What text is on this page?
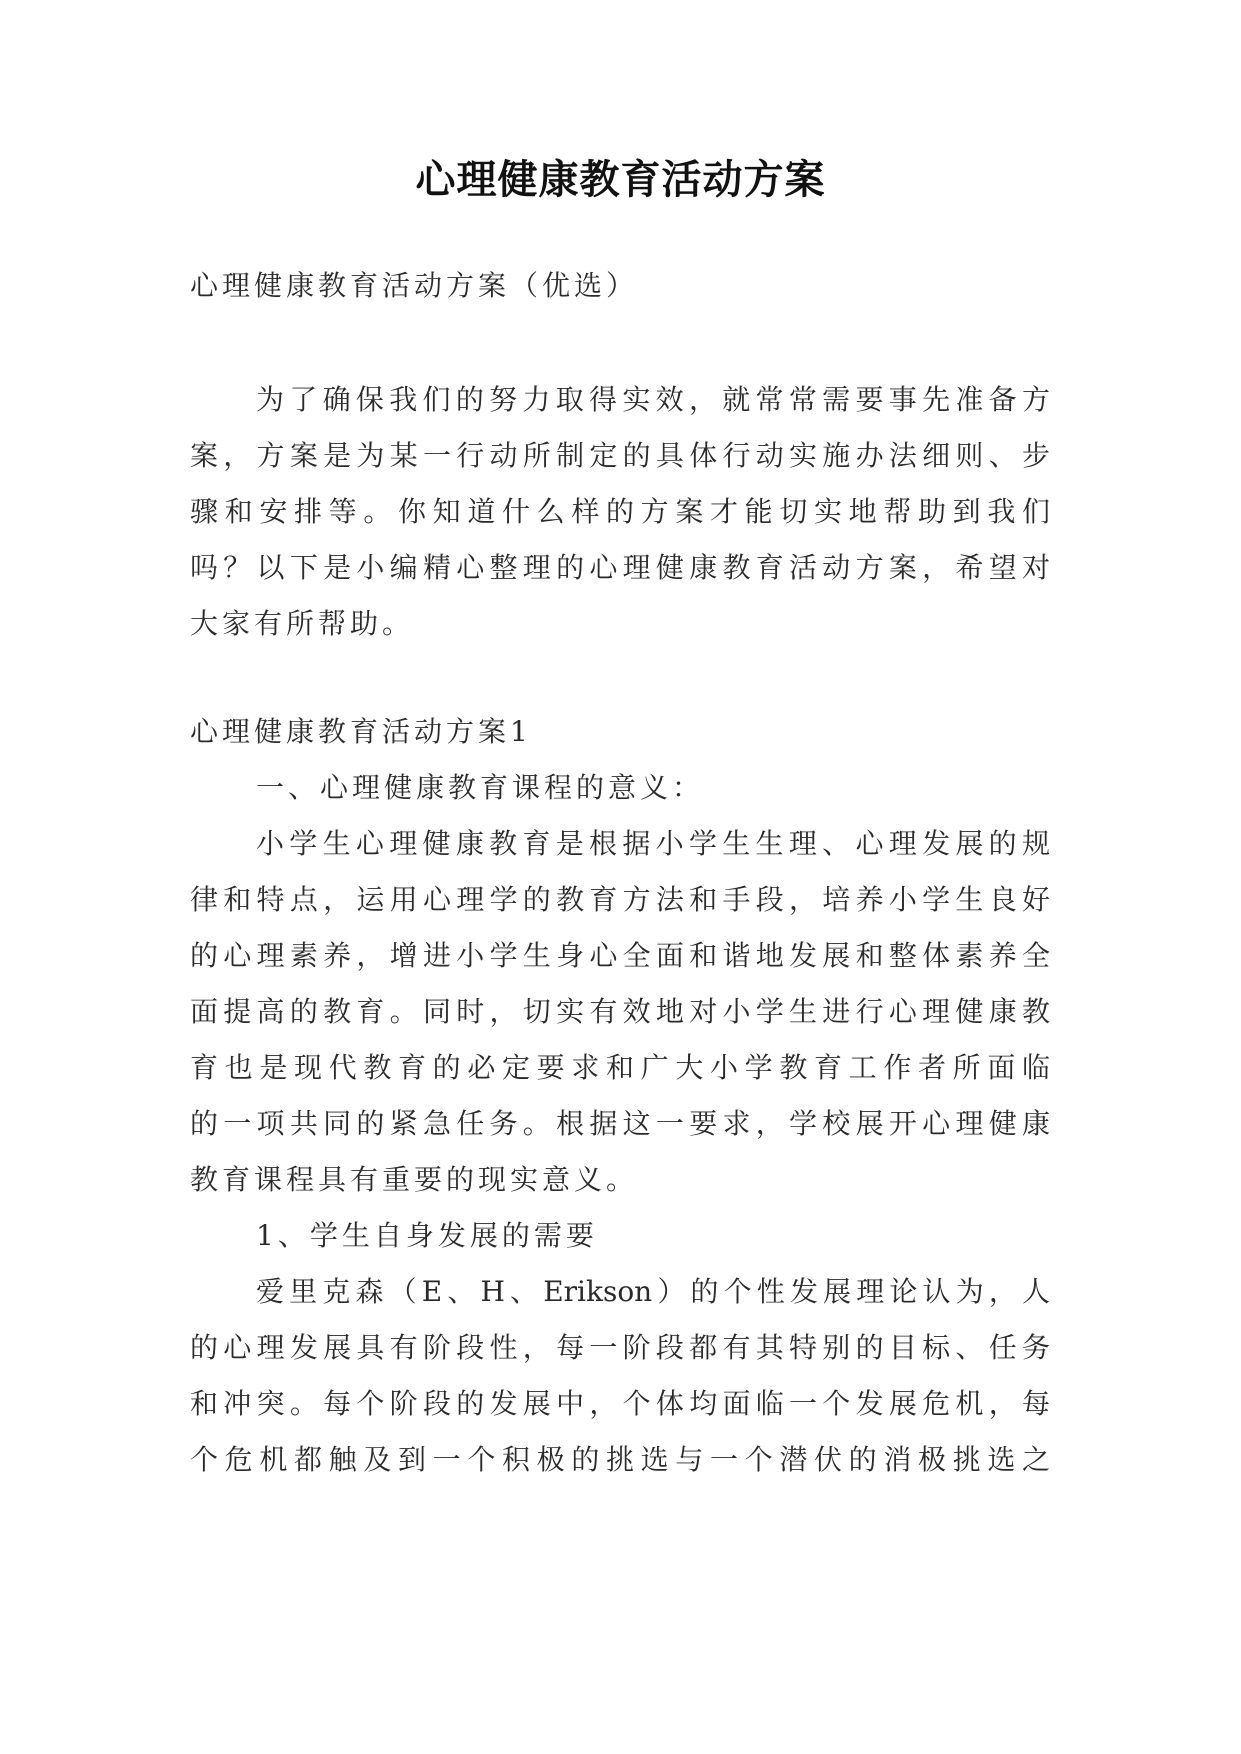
心理健康教育活动方案
心理健康教育活动方案（优选）
为了确保我们的努力取得实效，就常常需要事先准备方
案，方案是为某一行动所制定的具体行动实施办法细则、步
骤和安排等。你知道什么样的方案才能切实地帮助到我们
吗？以下是小编精心整理的心理健康教育活动方案，希望对
大家有所帮助。
心理健康教育活动方案1
一、心理健康教育课程的意义：
小学生心理健康教育是根据小学生生理、心理发展的规
律和特点，运用心理学的教育方法和手段，培养小学生良好
的心理素养，增进小学生身心全面和谐地发展和整体素养全
面提高的教育。同时，切实有效地对小学生进行心理健康教
育也是现代教育的必定要求和广大小学教育工作者所面临
的一项共同的紧急任务。根据这一要求，学校展开心理健康
教育课程具有重要的现实意义。
1、学生自身发展的需要
爱里克森（E、H、Erikson）的个性发展理论认为，人
的心理发展具有阶段性，每一阶段都有其特别的目标、任务
和冲突。每个阶段的发展中，个体均面临一个发展危机，每
个危机都触及到一个积极的挑选与一个潜伏的消极挑选之
